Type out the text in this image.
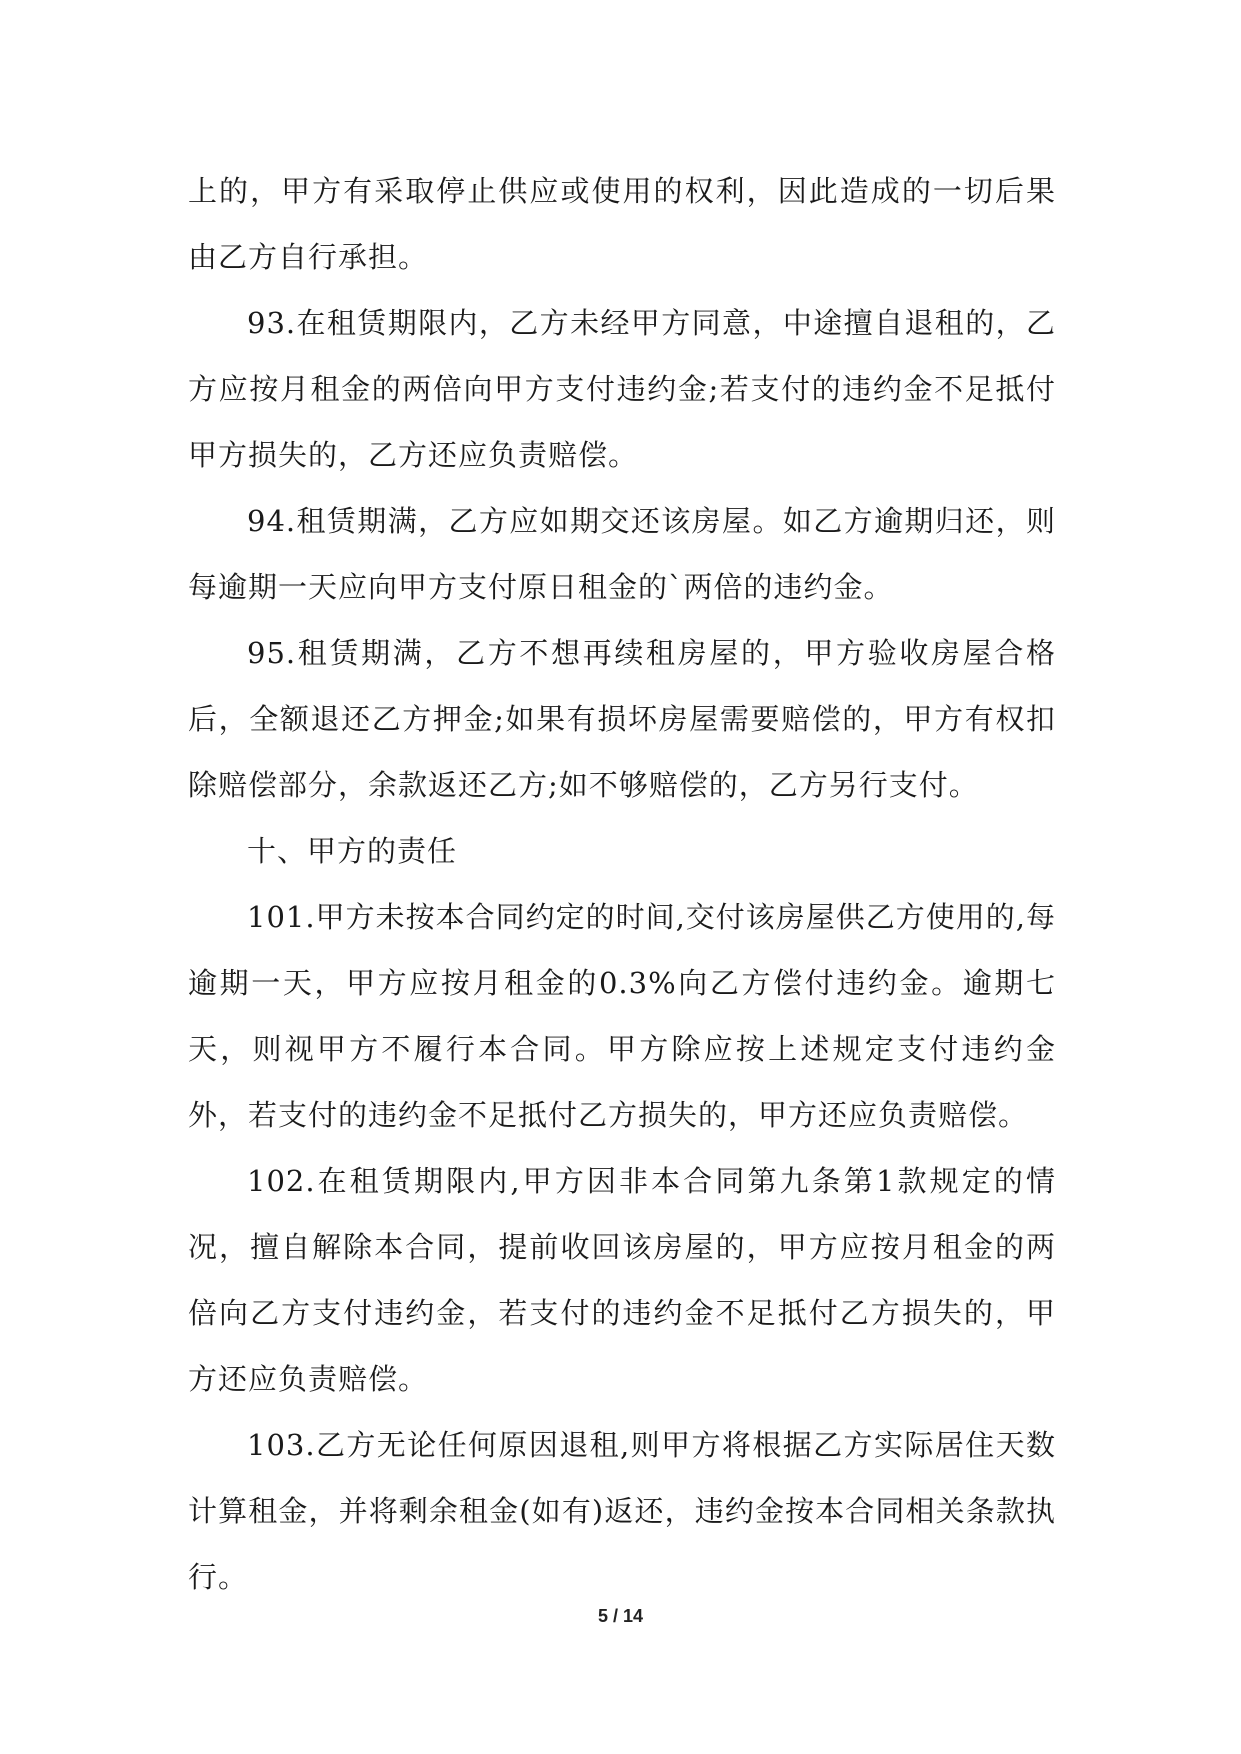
上的，甲方有采取停止供应或使用的权利，因此造成的一切后果由乙方自行承担。

93.在租赁期限内，乙方未经甲方同意，中途擅自退租的，乙方应按月租金的两倍向甲方支付违约金;若支付的违约金不足抵付甲方损失的，乙方还应负责赔偿。

94.租赁期满，乙方应如期交还该房屋。如乙方逾期归还，则每逾期一天应向甲方支付原日租金的`两倍的违约金。

95.租赁期满，乙方不想再续租房屋的，甲方验收房屋合格后，全额退还乙方押金;如果有损坏房屋需要赔偿的，甲方有权扣除赔偿部分，余款返还乙方;如不够赔偿的，乙方另行支付。

十、甲方的责任

101.甲方未按本合同约定的时间,交付该房屋供乙方使用的,每逾期一天，甲方应按月租金的0.3%向乙方偿付违约金。逾期七天，则视甲方不履行本合同。甲方除应按上述规定支付违约金外，若支付的违约金不足抵付乙方损失的，甲方还应负责赔偿。

102.在租赁期限内,甲方因非本合同第九条第1款规定的情况，擅自解除本合同，提前收回该房屋的，甲方应按月租金的两倍向乙方支付违约金，若支付的违约金不足抵付乙方损失的，甲方还应负责赔偿。

103.乙方无论任何原因退租,则甲方将根据乙方实际居住天数计算租金，并将剩余租金(如有)返还，违约金按本合同相关条款执行。

5 / 14
